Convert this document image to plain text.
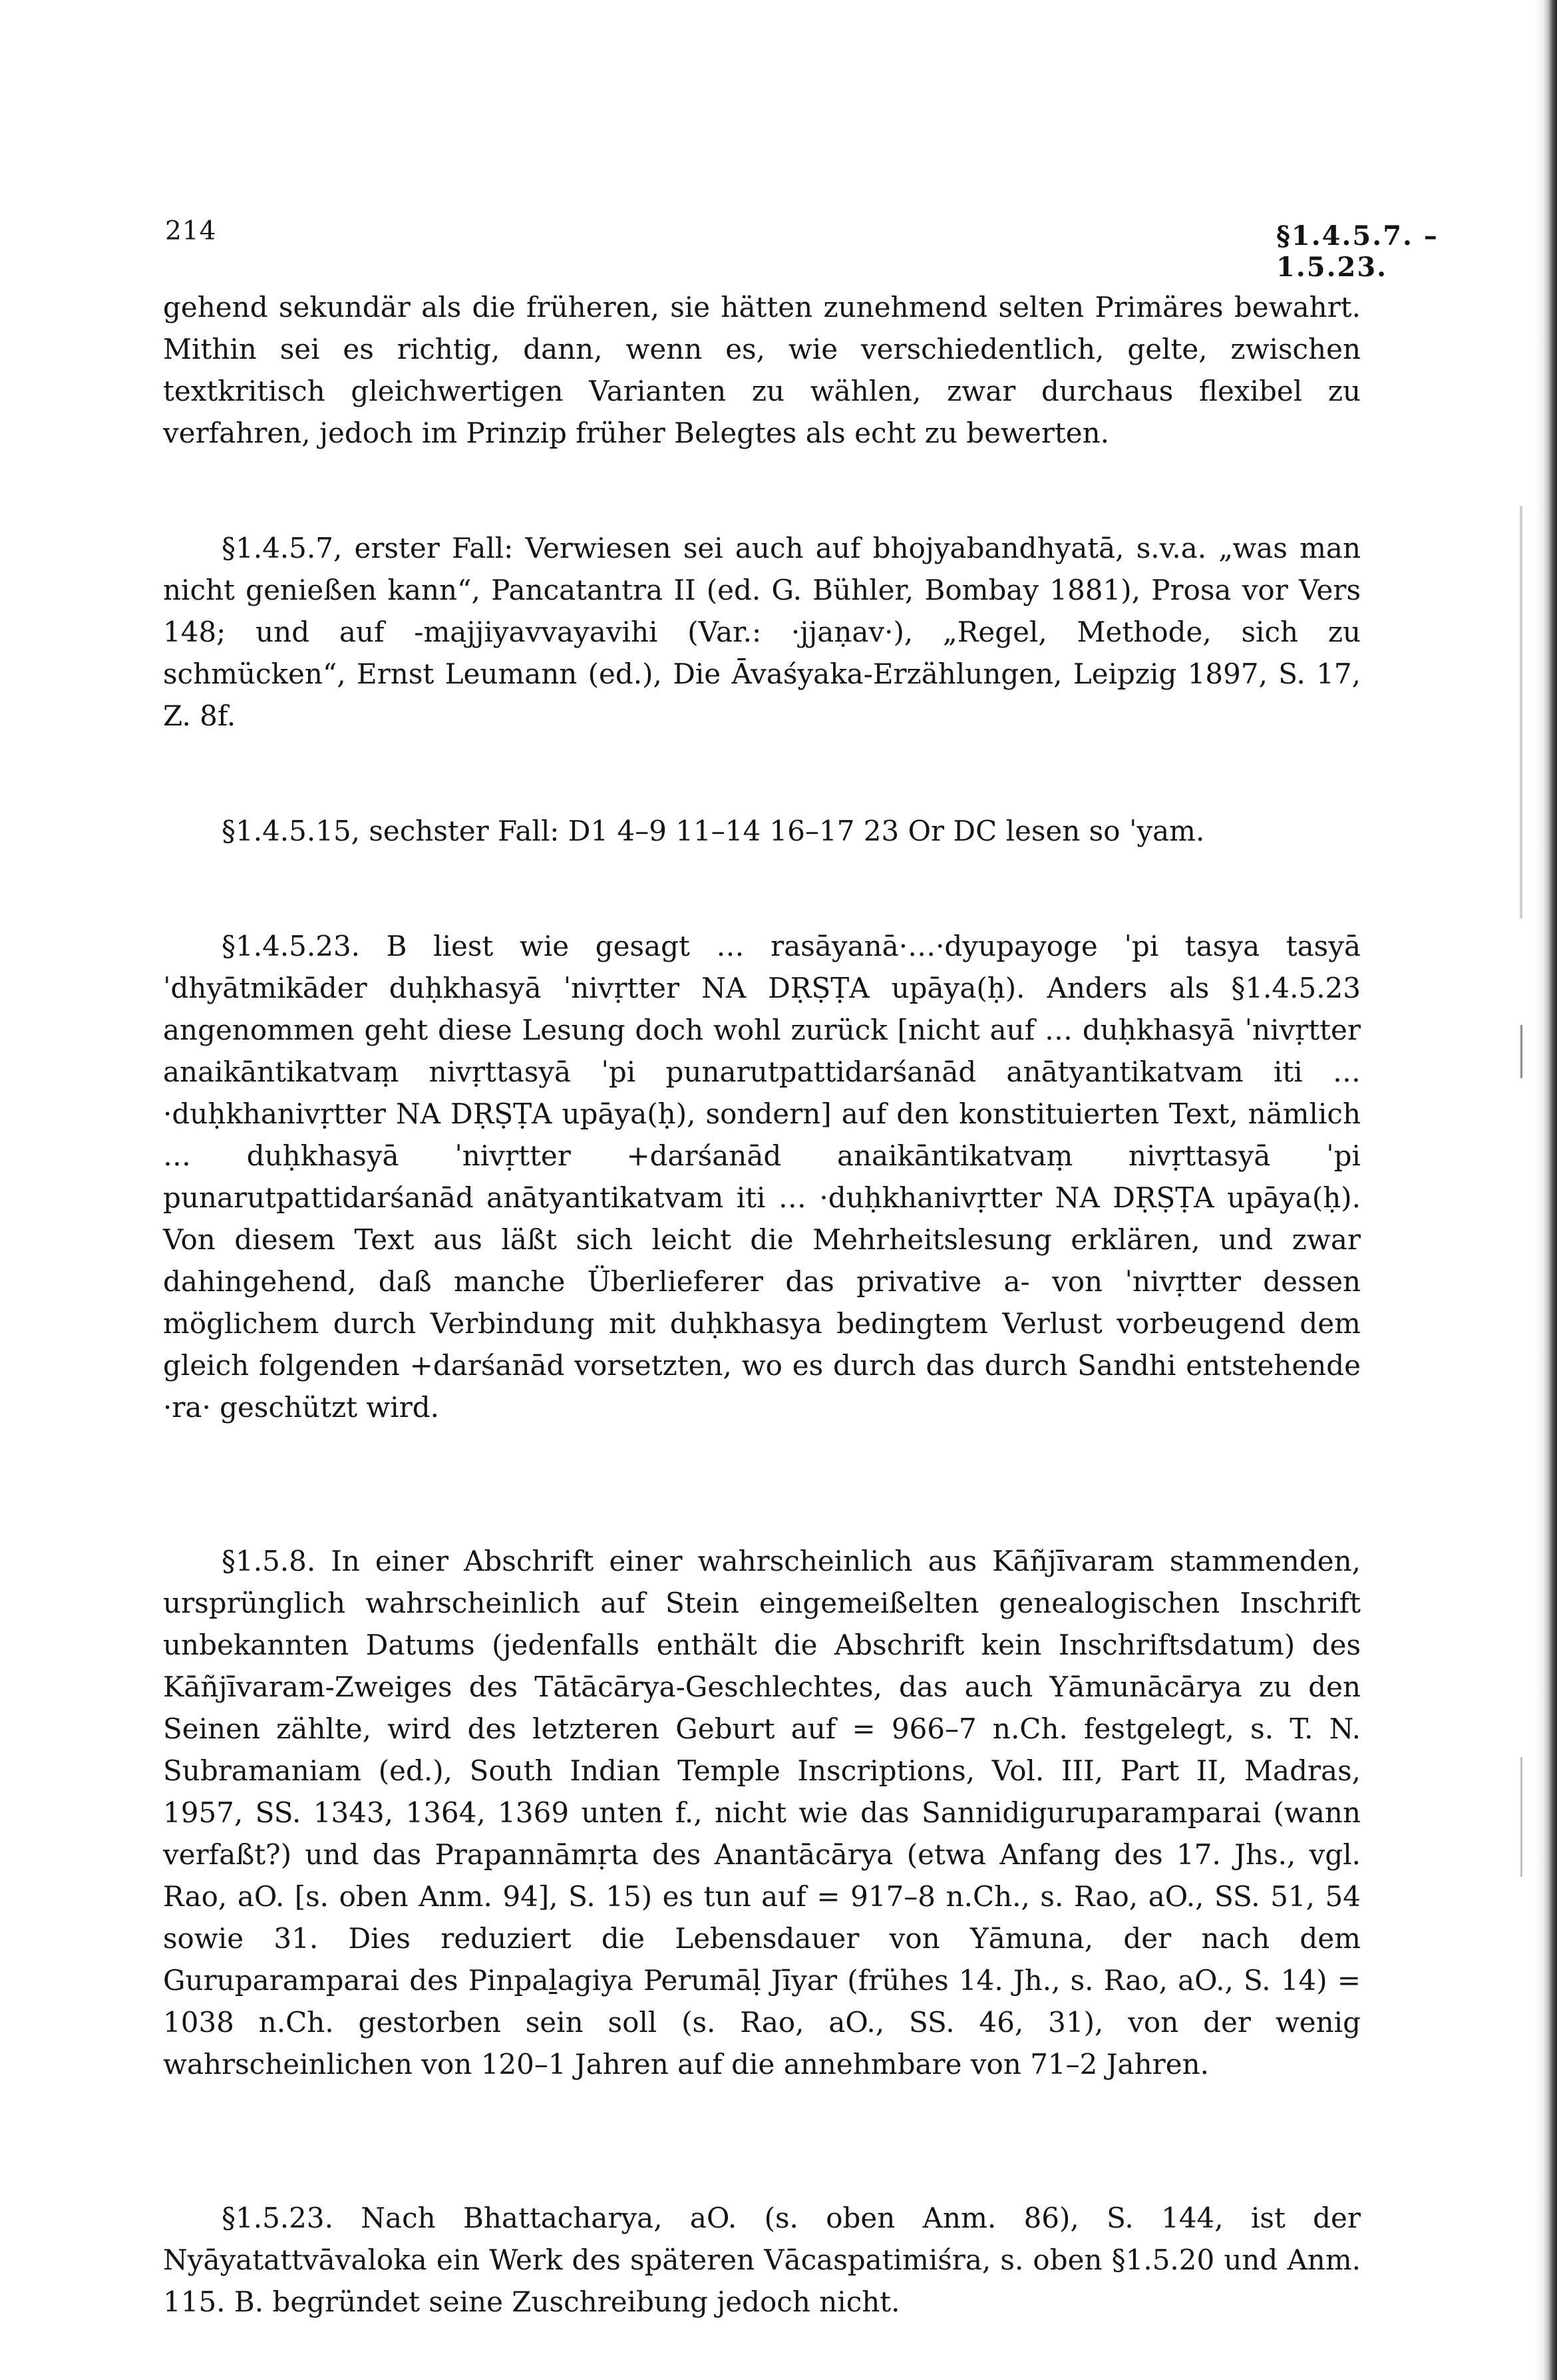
214	§1.4.5.7. – 1.5.23.

gehend sekundär als die früheren, sie hätten zunehmend selten Primäres bewahrt. Mithin sei es richtig, dann, wenn es, wie verschiedentlich, gelte, zwischen textkritisch gleichwertigen Varianten zu wählen, zwar durchaus flexibel zu verfahren, jedoch im Prinzip früher Belegtes als echt zu bewerten.

§1.4.5.7, erster Fall: Verwiesen sei auch auf bhojyabandhyatā, s.v.a. „was man nicht genießen kann“, Pancatantra II (ed. G. Bühler, Bombay 1881), Prosa vor Vers 148; und auf -majjiyavvayavihi (Var.: ·jjaṇav·), „Regel, Methode, sich zu schmücken“, Ernst Leumann (ed.), Die Āvaśyaka-Erzählungen, Leipzig 1897, S. 17, Z. 8f.

§1.4.5.15, sechster Fall: D1 4–9 11–14 16–17 23 Or DC lesen so ˈyam.

§1.4.5.23. B liest wie gesagt … rasāyanā·…·dyupayoge ˈpi tasya tasyā ˈdhyātmikāder duḥkhasyā ˈnivṛtter NA DṚṢṬA upāya(ḥ). Anders als §1.4.5.23 angenommen geht diese Lesung doch wohl zurück [nicht auf … duḥkhasyā ˈnivṛtter anaikāntikatvaṃ nivṛttasyā ˈpi punarutpattidarśanād anātyantikatvam iti … ·duḥkhanivṛtter NA DṚṢṬA upāya(ḥ), sondern] auf den konstituierten Text, nämlich … duḥkhasyā ˈnivṛtter +darśanād anaikāntikatvaṃ nivṛttasyā ˈpi punarutpattidarśanād anātyantikatvam iti … ·duḥkhanivṛtter NA DṚṢṬA upāya(ḥ). Von diesem Text aus läßt sich leicht die Mehrheitslesung erklären, und zwar dahingehend, daß manche Überlieferer das privative a- von ˈnivṛtter dessen möglichem durch Verbindung mit duḥkhasya bedingtem Verlust vorbeugend dem gleich folgenden +darśanād vorsetzten, wo es durch das durch Sandhi entstehende ·ra· geschützt wird.

§1.5.8. In einer Abschrift einer wahrscheinlich aus Kāñjīvaram stammenden, ursprünglich wahrscheinlich auf Stein eingemeißelten genealogischen Inschrift unbekannten Datums (jedenfalls enthält die Abschrift kein Inschriftsdatum) des Kāñjīvaram-Zweiges des Tātācārya-Geschlechtes, das auch Yāmunācārya zu den Seinen zählte, wird des letzteren Geburt auf = 966–7 n.Ch. festgelegt, s. T. N. Subramaniam (ed.), South Indian Temple Inscriptions, Vol. III, Part II, Madras, 1957, SS. 1343, 1364, 1369 unten f., nicht wie das Sannidiguruparamparai (wann verfaßt?) und das Prapannāmṛta des Anantācārya (etwa Anfang des 17. Jhs., vgl. Rao, aO. [s. oben Anm. 94], S. 15) es tun auf = 917–8 n.Ch., s. Rao, aO., SS. 51, 54 sowie 31. Dies reduziert die Lebensdauer von Yāmuna, der nach dem Guruparamparai des Pinpaḻagiya Perumāḷ Jīyar (frühes 14. Jh., s. Rao, aO., S. 14) = 1038 n.Ch. gestorben sein soll (s. Rao, aO., SS. 46, 31), von der wenig wahrscheinlichen von 120–1 Jahren auf die annehmbare von 71–2 Jahren.

§1.5.23. Nach Bhattacharya, aO. (s. oben Anm. 86), S. 144, ist der Nyāyatattvāvaloka ein Werk des späteren Vācaspatimiśra, s. oben §1.5.20 und Anm. 115. B. begründet seine Zuschreibung jedoch nicht.
